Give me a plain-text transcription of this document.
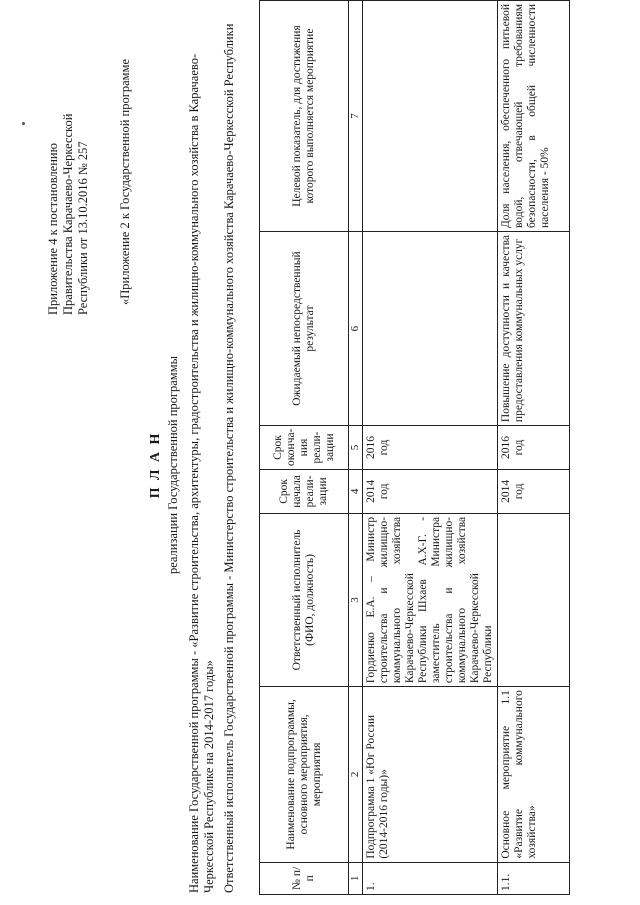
Приложение 4 к постановлению Правительства Карачаево-Черкесской Республики от 13.10.2016 № 257 «Приложение 2 к Государственной программе
П Л А Н реализации Государственной программы Наименование Государственной программы - «Развитие строительства, архитектуры, градостроительства и жилищно-коммунального хозяйства в Карачаево-Черкесской Республике на 2014-2017 годы» Ответственный исполнитель Государственной программы - Министерство строительства и жилищно-коммунального хозяйства Карачаево-Черкесской Республики	№ п/п	Наименование подпрограммы, основного мероприятия, мероприятия	Ответственный исполнитель (ФИО, должность)	Срок начала реали-зации	Срок оконча-ния реали-зации	Ожидаемый непосредственный результат	Целевой показатель, для достижения которого выполняется мероприятие
1	2	3	4	5	6	7
1.	Подпрограмма 1 «Юг России (2014-2016 годы)»	Гордиенко Е.А. – Министр строительства и жилищно-коммунального хозяйства Карачаево-Черкесской Республики Шхаев А.Х-Г. - заместитель Министра строительства и жилищно-коммунального хозяйства Карачаево-Черкесской Республики	2014 год	2016 год		
1.1.	Основное мероприятие 1.1 «Развитие коммунального хозяйства»		2014 год	2016 год	Повышение доступности и качества предоставления коммунальных услуг	Доля населения, обеспеченного питьевой водой, отвечающей требованиям безопасности, в общей численности населения - 50%
